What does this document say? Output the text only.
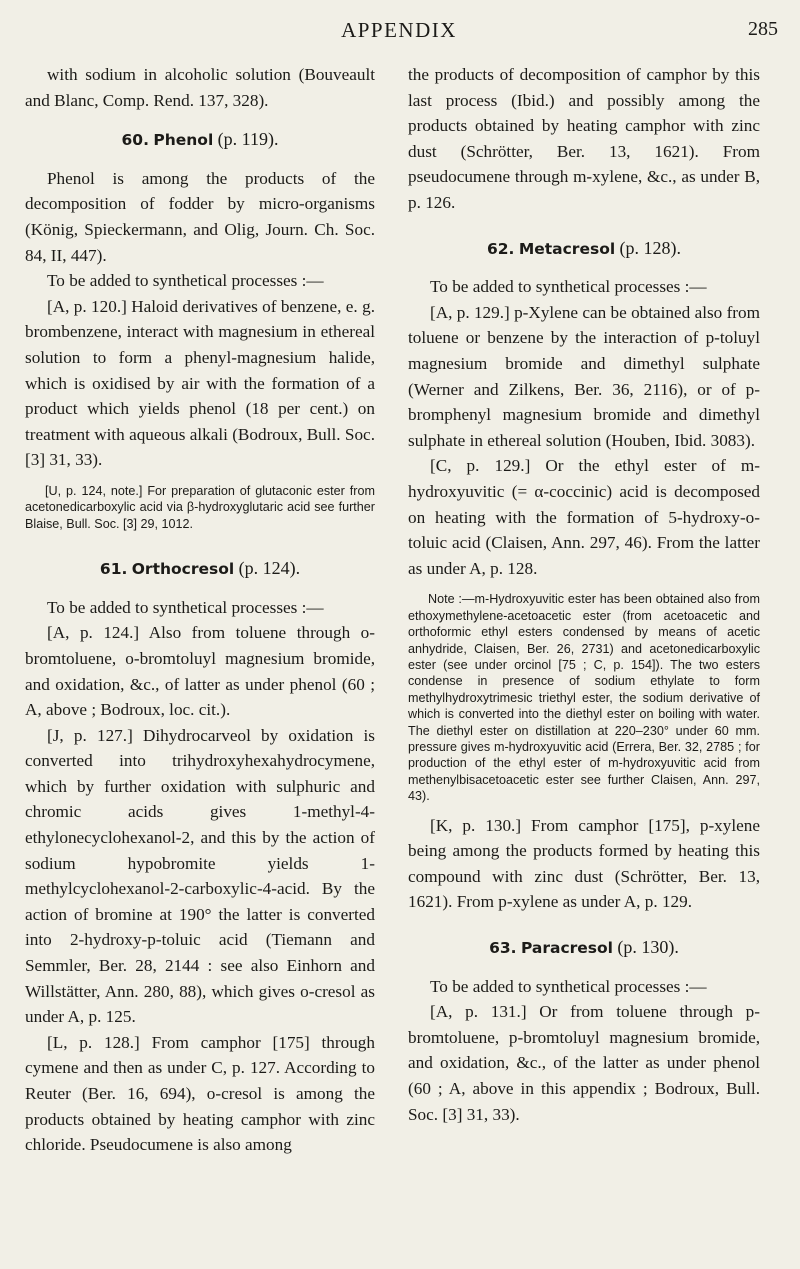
APPENDIX	285

with sodium in alcoholic solution (Bouveault and Blanc, Comp. Rend. 137, 328).

60. Phenol (p. 119).

Phenol is among the products of the decomposition of fodder by micro-organisms (König, Spieckermann, and Olig, Journ. Ch. Soc. 84, II, 447).

To be added to synthetical processes :—

[A, p. 120.] Haloid derivatives of benzene, e. g. brombenzene, interact with magnesium in ethereal solution to form a phenyl-magnesium halide, which is oxidised by air with the formation of a product which yields phenol (18 per cent.) on treatment with aqueous alkali (Bodroux, Bull. Soc. [3] 31, 33).

[U, p. 124, note.] For preparation of glutaconic ester from acetonedicarboxylic acid via β-hydroxyglutaric acid see further Blaise, Bull. Soc. [3] 29, 1012.

61. Orthocresol (p. 124).

To be added to synthetical processes :—

[A, p. 124.] Also from toluene through o-bromtoluene, o-bromtoluyl magnesium bromide, and oxidation, &c., of latter as under phenol (60 ; A, above ; Bodroux, loc. cit.).

[J, p. 127.] Dihydrocarveol by oxidation is converted into trihydroxyhexahydrocymene, which by further oxidation with sulphuric and chromic acids gives 1-methyl-4-ethylonecyclohexanol-2, and this by the action of sodium hypobromite yields 1-methylcyclohexanol-2-carboxylic-4-acid. By the action of bromine at 190° the latter is converted into 2-hydroxy-p-toluic acid (Tiemann and Semmler, Ber. 28, 2144 : see also Einhorn and Willstätter, Ann. 280, 88), which gives o-cresol as under A, p. 125.

[L, p. 128.] From camphor [175] through cymene and then as under C, p. 127. According to Reuter (Ber. 16, 694), o-cresol is among the products obtained by heating camphor with zinc chloride. Pseudocumene is also among

the products of decomposition of camphor by this last process (Ibid.) and possibly among the products obtained by heating camphor with zinc dust (Schrötter, Ber. 13, 1621). From pseudocumene through m-xylene, &c., as under B, p. 126.

62. Metacresol (p. 128).

To be added to synthetical processes :—

[A, p. 129.] p-Xylene can be obtained also from toluene or benzene by the interaction of p-toluyl magnesium bromide and dimethyl sulphate (Werner and Zilkens, Ber. 36, 2116), or of p-bromphenyl magnesium bromide and dimethyl sulphate in ethereal solution (Houben, Ibid. 3083).

[C, p. 129.] Or the ethyl ester of m-hydroxyuvitic (= α-coccinic) acid is decomposed on heating with the formation of 5-hydroxy-o-toluic acid (Claisen, Ann. 297, 46). From the latter as under A, p. 128.

Note :—m-Hydroxyuvitic ester has been obtained also from ethoxymethylene-acetoacetic ester (from acetoacetic and orthoformic ethyl esters condensed by means of acetic anhydride, Claisen, Ber. 26, 2731) and acetonedicarboxylic ester (see under orcinol [75 ; C, p. 154]). The two esters condense in presence of sodium ethylate to form methylhydroxytrimesic triethyl ester, the sodium derivative of which is converted into the diethyl ester on boiling with water. The diethyl ester on distillation at 220–230° under 60 mm. pressure gives m-hydroxyuvitic acid (Errera, Ber. 32, 2785 ; for production of the ethyl ester of m-hydroxyuvitic acid from methenylbisacetoacetic ester see further Claisen, Ann. 297, 43).

[K, p. 130.] From camphor [175], p-xylene being among the products formed by heating this compound with zinc dust (Schrötter, Ber. 13, 1621). From p-xylene as under A, p. 129.

63. Paracresol (p. 130).

To be added to synthetical processes :—

[A, p. 131.] Or from toluene through p-bromtoluene, p-bromtoluyl magnesium bromide, and oxidation, &c., of the latter as under phenol (60 ; A, above in this appendix ; Bodroux, Bull. Soc. [3] 31, 33).
